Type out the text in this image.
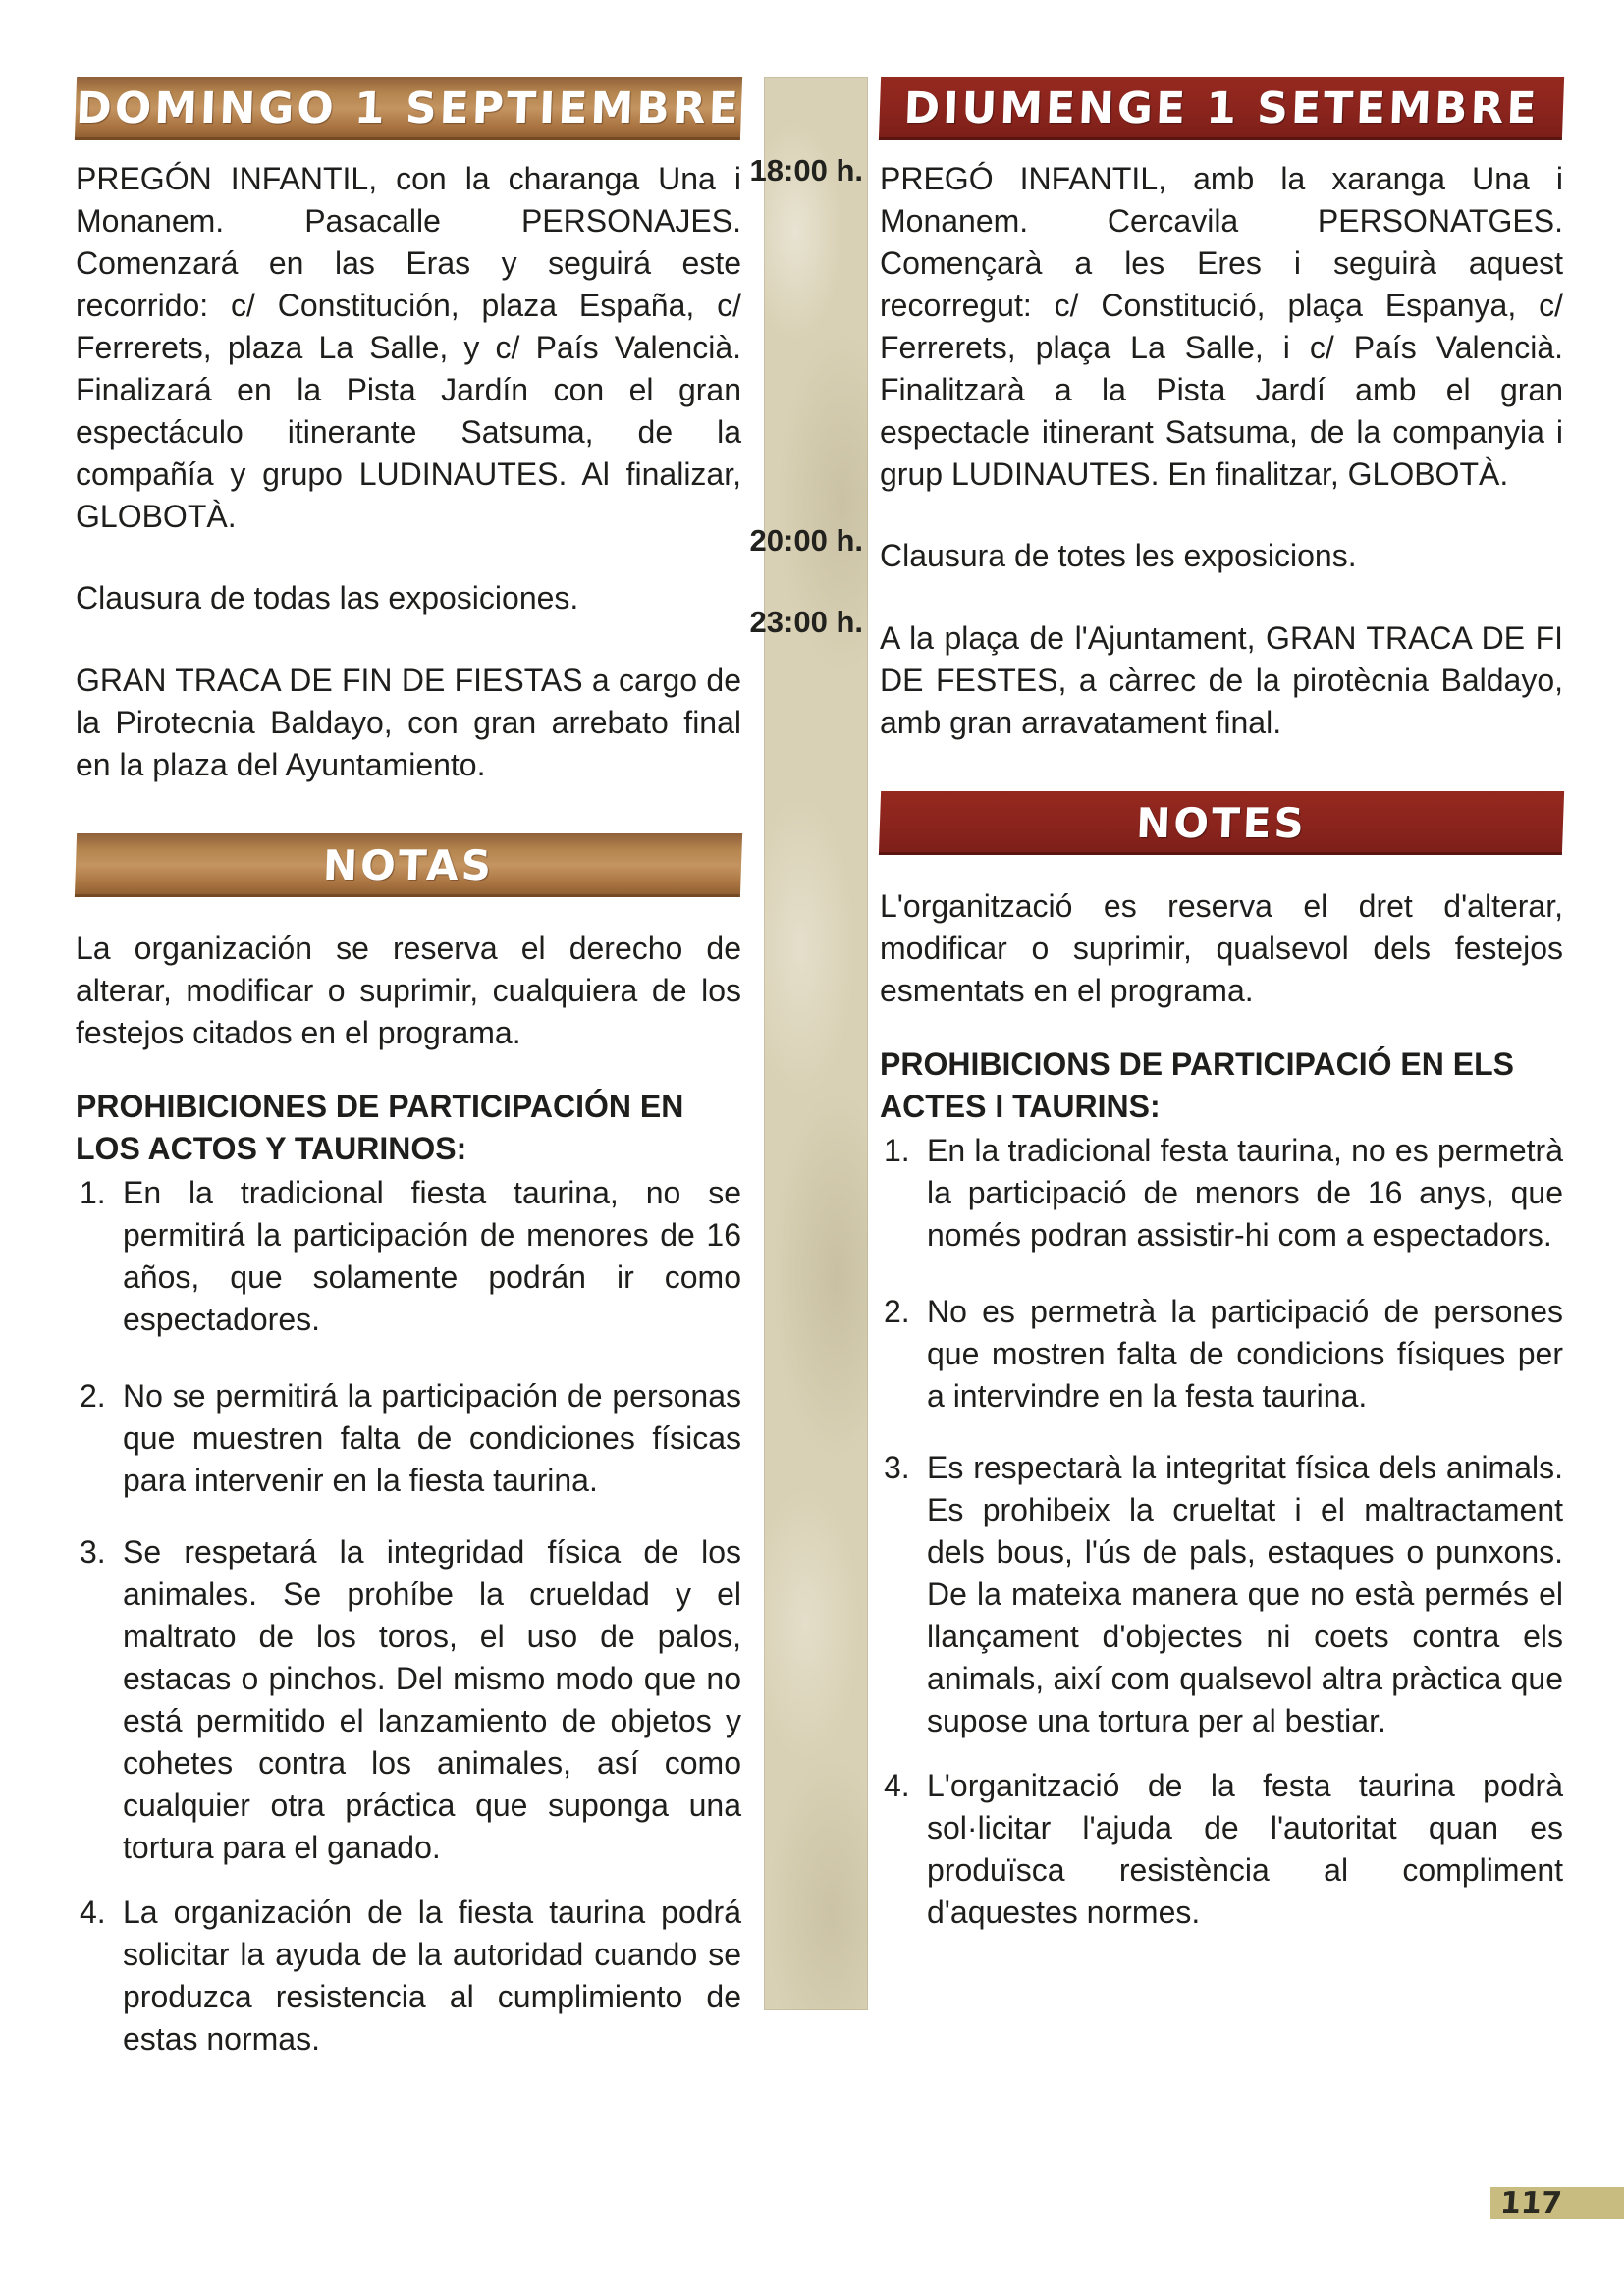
DOMINGO 1 SEPTIEMBRE

PREGÓN INFANTIL, con la charanga Una i Monanem. Pasacalle PERSONAJES. Comenzará en las Eras y seguirá este recorrido: c/ Constitución, plaza España, c/ Ferrerets, plaza La Salle, y c/ País Valencià. Finalizará en la Pista Jardín con el gran espectáculo itinerante Satsuma, de la compañía y grupo LUDINAUTES. Al finalizar, GLOBOTÀ.

Clausura de todas las exposiciones.

GRAN TRACA DE FIN DE FIESTAS a cargo de la Pirotecnia Baldayo, con gran arrebato final en la plaza del Ayuntamiento.

NOTAS

La organización se reserva el derecho de alterar, modificar o suprimir, cualquiera de los festejos citados en el programa.

PROHIBICIONES DE PARTICIPACIÓN EN LOS ACTOS Y TAURINOS:

1. En la tradicional fiesta taurina, no se permitirá la participación de menores de 16 años, que solamente podrán ir como espectadores.
2. No se permitirá la participación de personas que muestren falta de condiciones físicas para intervenir en la fiesta taurina.
3. Se respetará la integridad física de los animales. Se prohíbe la crueldad y el maltrato de los toros, el uso de palos, estacas o pinchos. Del mismo modo que no está permitido el lanzamiento de objetos y cohetes contra los animales, así como cualquier otra práctica que suponga una tortura para el ganado.
4. La organización de la fiesta taurina podrá solicitar la ayuda de la autoridad cuando se produzca resistencia al cumplimiento de estas normas.
18:00 h.
20:00 h.
23:00 h.
DIUMENGE 1 SETEMBRE

PREGÓ INFANTIL, amb la xaranga Una i Monanem. Cercavila PERSONATGES. Començarà a les Eres i seguirà aquest recorregut: c/ Constitució, plaça Espanya, c/ Ferrerets, plaça La Salle, i c/ País Valencià. Finalitzarà a la Pista Jardí amb el gran espectacle itinerant Satsuma, de la companyia i grup LUDINAUTES. En finalitzar, GLOBOTÀ.

Clausura de totes les exposicions.

A la plaça de l'Ajuntament, GRAN TRACA DE FI DE FESTES, a càrrec de la pirotècnia Baldayo, amb gran arravatament final.

NOTES

L'organització es reserva el dret d'alterar, modificar o suprimir, qualsevol dels festejos esmentats en el programa.

PROHIBICIONS DE PARTICIPACIÓ EN ELS ACTES I TAURINS:

1. En la tradicional festa taurina, no es permetrà la participació de menors de 16 anys, que només podran assistir-hi com a espectadors.
2. No es permetrà la participació de persones que mostren falta de condicions físiques per a intervindre en la festa taurina.
3. Es respectarà la integritat física dels animals. Es prohibeix la crueltat i el maltractament dels bous, l'ús de pals, estaques o punxons. De la mateixa manera que no està permés el llançament d'objectes ni coets contra els animals, així com qualsevol altra pràctica que supose una tortura per al bestiar.
4. L'organització de la festa taurina podrà sol·licitar l'ajuda de l'autoritat quan es produïsca resistència al compliment d'aquestes normes.
117
